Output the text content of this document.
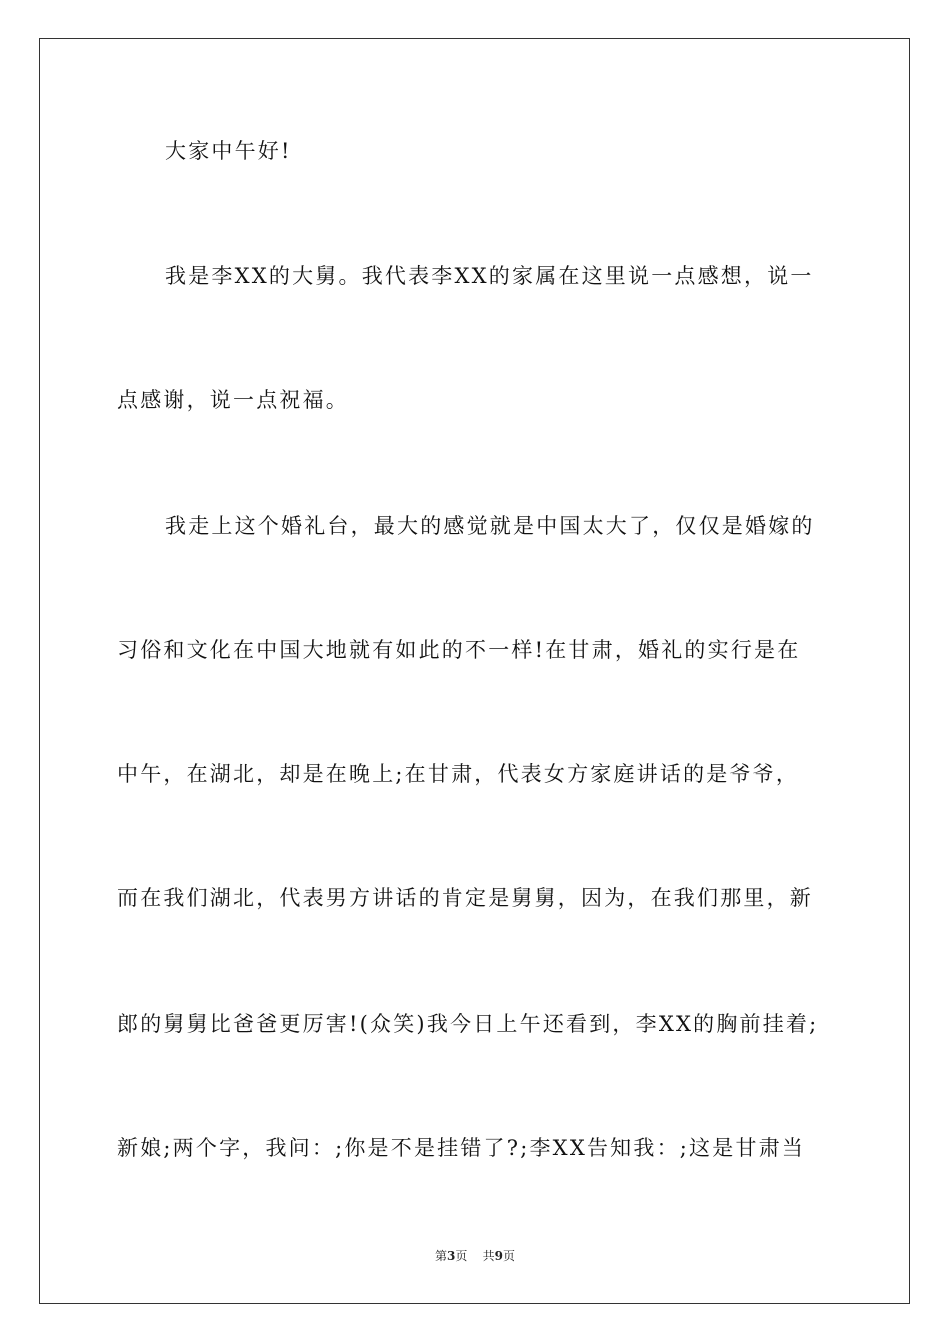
大家中午好!
我是李XX的大舅。我代表李XX的家属在这里说一点感想，说一
点感谢，说一点祝福。
我走上这个婚礼台，最大的感觉就是中国太大了，仅仅是婚嫁的
习俗和文化在中国大地就有如此的不一样!在甘肃，婚礼的实行是在
中午，在湖北，却是在晚上;在甘肃，代表女方家庭讲话的是爷爷，
而在我们湖北，代表男方讲话的肯定是舅舅，因为，在我们那里，新
郎的舅舅比爸爸更厉害!(众笑)我今日上午还看到，李XX的胸前挂着;
新娘;两个字，我问：;你是不是挂错了?;李XX告知我：;这是甘肃当
第3页 共9页
